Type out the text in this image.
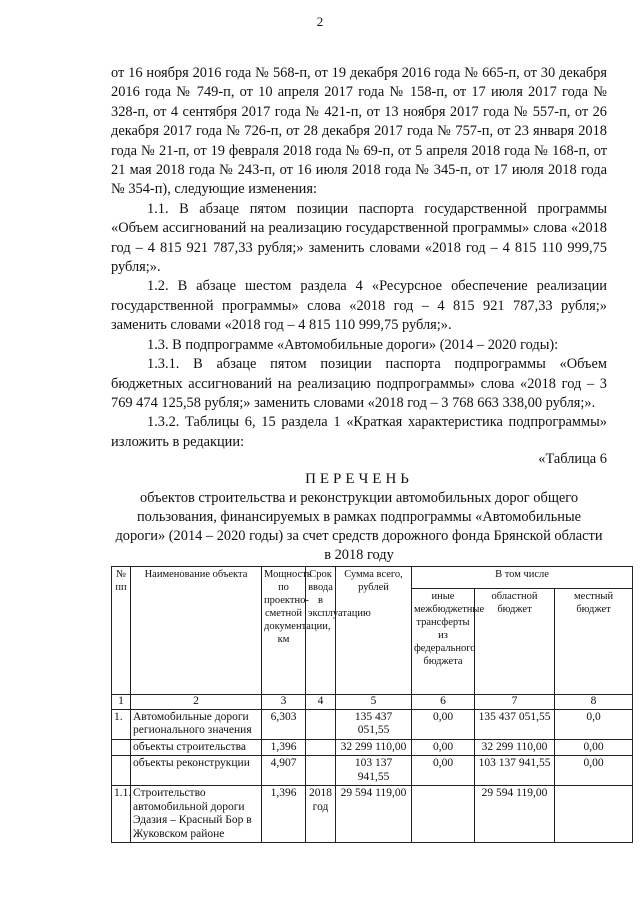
2

от 16 ноября 2016 года № 568-п, от 19 декабря 2016 года № 665-п, от 30 декабря 2016 года № 749-п, от 10 апреля 2017 года № 158-п, от 17 июля 2017 года № 328-п, от 4 сентября 2017 года № 421-п, от 13 ноября 2017 года № 557-п, от 26 декабря 2017 года № 726-п, от 28 декабря 2017 года № 757-п, от 23 января 2018 года № 21-п, от 19 февраля 2018 года № 69-п, от 5 апреля 2018 года № 168-п, от 21 мая 2018 года № 243-п, от 16 июля 2018 года № 345-п, от 17 июля 2018 года № 354-п), следующие изменения:

1.1. В абзаце пятом позиции паспорта государственной программы «Объем ассигнований на реализацию государственной программы» слова «2018 год – 4 815 921 787,33 рубля;» заменить словами «2018 год – 4 815 110 999,75 рубля;».

1.2. В абзаце шестом раздела 4 «Ресурсное обеспечение реализации государственной программы» слова «2018 год – 4 815 921 787,33 рубля;» заменить словами «2018 год – 4 815 110 999,75 рубля;».

1.3. В подпрограмме «Автомобильные дороги» (2014 – 2020 годы):

1.3.1. В абзаце пятом позиции паспорта подпрограммы «Объем бюджетных ассигнований на реализацию подпрограммы» слова «2018 год – 3 769 474 125,58 рубля;» заменить словами «2018 год – 3 768 663 338,00 рубля;».

1.3.2. Таблицы 6, 15 раздела 1 «Краткая характеристика подпрограммы» изложить в редакции:

«Таблица 6
ПЕРЕЧЕНЬ
объектов строительства и реконструкции автомобильных дорог общего пользования, финансируемых в рамках подпрограммы «Автомобильные дороги» (2014 – 2020 годы) за счет средств дорожного фонда Брянской области в 2018 году
№ пп	Наименование объекта	Мощность по проектно-сметной документации, км	Срок ввода в эксплуатацию	Сумма всего, рублей	В том числе		
					иные межбюджетные трансферты из федерального бюджета	областной бюджет	местный бюджет
1	2	3	4	5	6	7	8
1.	Автомобильные дороги регионального значения	6,303		135 437 051,55	0,00	135 437 051,55	0,0
	объекты строительства	1,396		32 299 110,00	0,00	32 299 110,00	0,00
	объекты реконструкции	4,907		103 137 941,55	0,00	103 137 941,55	0,00
1.1.	Строительство автомобильной дороги Эдазия – Красный Бор в Жуковском районе	1,396	2018 год	29 594 119,00		29 594 119,00	
